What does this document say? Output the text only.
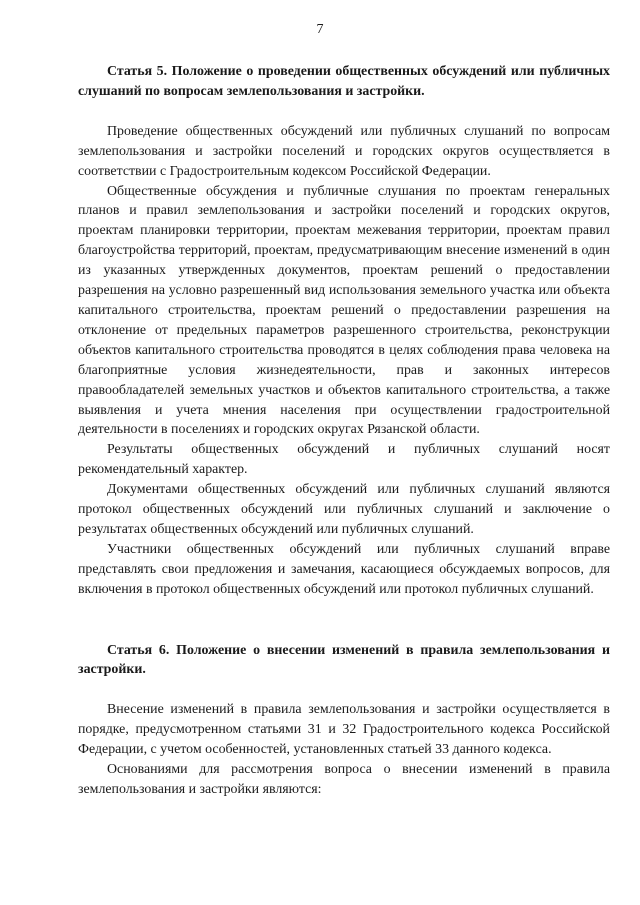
7

Статья 5. Положение о проведении общественных обсуждений или публичных слушаний по вопросам землепользования и застройки.

Проведение общественных обсуждений или публичных слушаний по вопросам землепользования и застройки поселений и городских округов осуществляется в соответствии с Градостроительным кодексом Российской Федерации.

Общественные обсуждения и публичные слушания по проектам генеральных планов и правил землепользования и застройки поселений и городских округов, проектам планировки территории, проектам межевания территории, проектам правил благоустройства территорий, проектам, предусматривающим внесение изменений в один из указанных утвержденных документов, проектам решений о предоставлении разрешения на условно разрешенный вид использования земельного участка или объекта капитального строительства, проектам решений о предоставлении разрешения на отклонение от предельных параметров разрешенного строительства, реконструкции объектов капитального строительства проводятся в целях соблюдения права человека на благоприятные условия жизнедеятельности, прав и законных интересов правообладателей земельных участков и объектов капитального строительства, а также выявления и учета мнения населения при осуществлении градостроительной деятельности в поселениях и городских округах Рязанской области.

Результаты общественных обсуждений и публичных слушаний носят рекомендательный характер.

Документами общественных обсуждений или публичных слушаний являются протокол общественных обсуждений или публичных слушаний и заключение о результатах общественных обсуждений или публичных слушаний.

Участники общественных обсуждений или публичных слушаний вправе представлять свои предложения и замечания, касающиеся обсуждаемых вопросов, для включения в протокол общественных обсуждений или протокол публичных слушаний.

Статья 6. Положение о внесении изменений в правила землепользования и застройки.

Внесение изменений в правила землепользования и застройки осуществляется в порядке, предусмотренном статьями 31 и 32 Градостроительного кодекса Российской Федерации, с учетом особенностей, установленных статьей 33 данного кодекса.

Основаниями для рассмотрения вопроса о внесении изменений в правила землепользования и застройки являются:
